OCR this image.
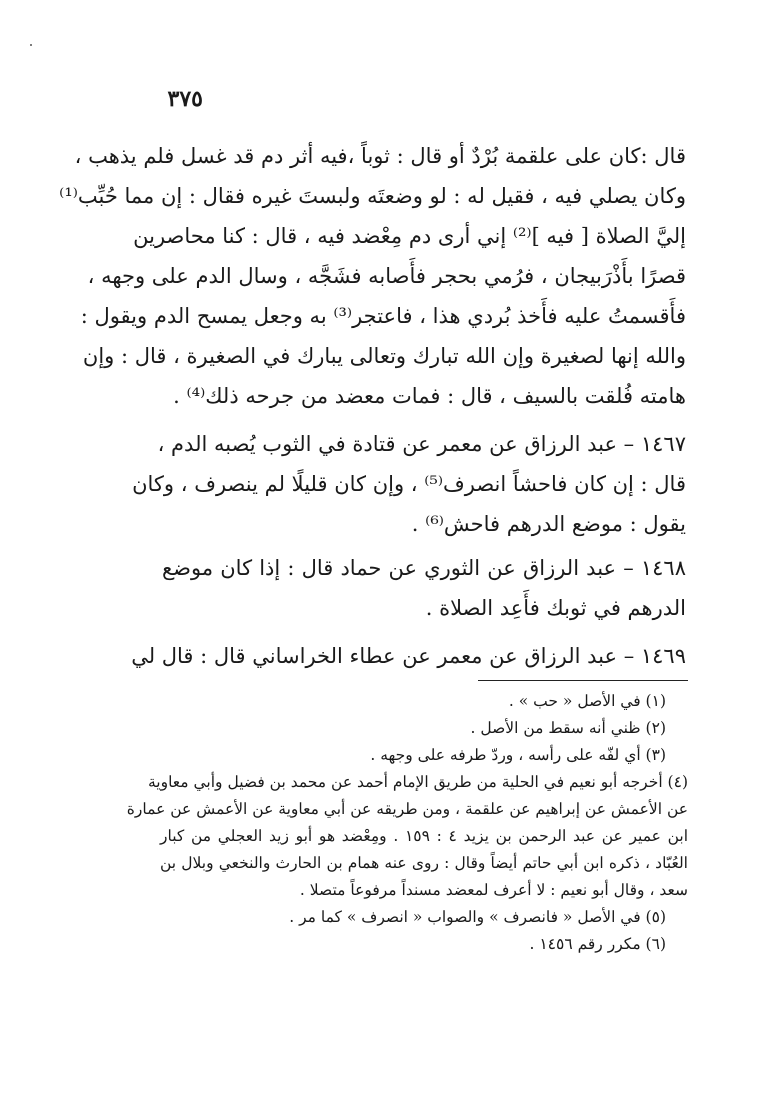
٣٧٥
قال :كان على علقمة بُرْدٌ أو قال : ثوباً ،فيه أثر دم قد غسل فلم يذهب ،
وكان يصلي فيه ، فقيل له : لو وضعتَه ولبستَ غيره فقال : إن مما حُبِّب⁽¹⁾
إليَّ الصلاة [ فيه ]⁽²⁾ إني أرى دم مِعْضد فيه ، قال : كنا محاصرين
قصرًا بأَذْرَبيجان ، فرُمي بحجر فأَصابه فشَجَّه ، وسال الدم على وجهه ،
فأَقسمتُ عليه فأَخذ بُردي هذا ، فاعتجر⁽³⁾ به وجعل يمسح الدم ويقول :
والله إنها لصغيرة وإن الله تبارك وتعالى يبارك في الصغيرة ، قال : وإن
هامته فُلقت بالسيف ، قال : فمات معضد من جرحه ذلك⁽⁴⁾ .
١٤٦٧ – عبد الرزاق عن معمر عن قتادة في الثوب يُصبه الدم ،
قال : إن كان فاحشاً انصرف⁽⁵⁾ ، وإن كان قليلًا لم ينصرف ، وكان
يقول : موضع الدرهم فاحش⁽⁶⁾ .
١٤٦٨ – عبد الرزاق عن الثوري عن حماد قال : إذا كان موضع
الدرهم في ثوبك فأَعِد الصلاة .
١٤٦٩ – عبد الرزاق عن معمر عن عطاء الخراساني قال : قال لي
(١) في الأصل « حب » .
(٢) ظني أنه سقط من الأصل .
(٣) أي لفّه على رأسه ، وردّ طرفه على وجهه .
(٤) أخرجه أبو نعيم في الحلية من طريق الإمام أحمد عن محمد بن فضيل وأبي معاوية
عن الأعمش عن إبراهيم عن علقمة ، ومن طريقه عن أبي معاوية عن الأعمش عن عمارة
ابن عمير عن عبد الرحمن بن يزيد ٤ : ١٥٩ . ومِعْضد هو أبو زيد العجلي من كبار
العُبّاد ، ذكره ابن أبي حاتم أيضاً وقال : روى عنه همام بن الحارث والنخعي وبلال بن
سعد ، وقال أبو نعيم : لا أعرف لمعضد مسنداً مرفوعاً متصلا .
(٥) في الأصل « فانصرف » والصواب « انصرف » كما مر .
(٦) مكرر رقم ١٤٥٦ .
